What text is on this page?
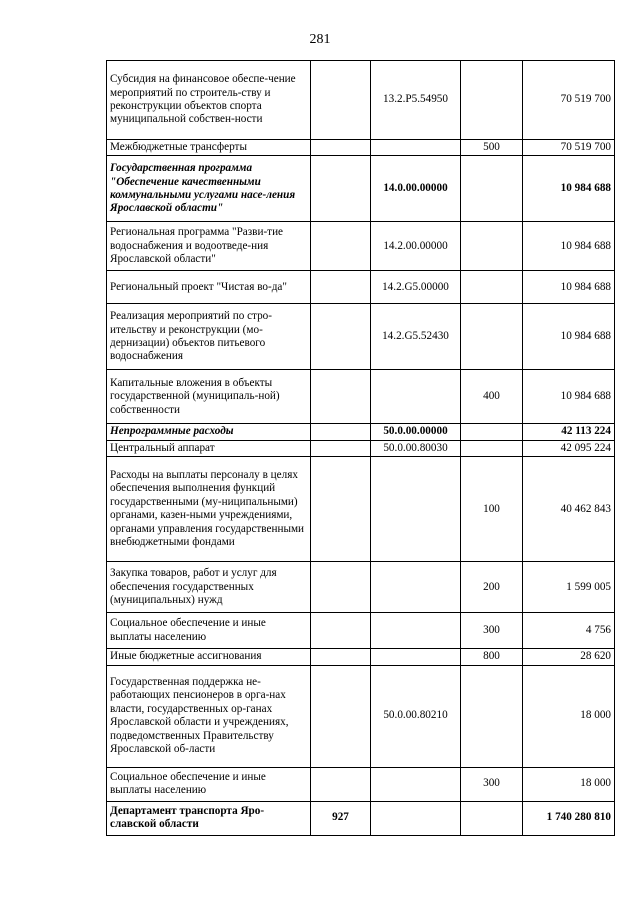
281
Субсидия на финансовое обеспе-чение мероприятий по строитель-ству и реконструкции объектов спорта муниципальной собствен-ности		13.2.P5.54950		70 519 700
Межбюджетные трансферты			500	70 519 700
Государственная программа "Обеспечение качественными коммунальными услугами насе-ления Ярославской области"		14.0.00.00000		10 984 688
Региональная программа "Разви-тие водоснабжения и водоотведе-ния Ярославской области"		14.2.00.00000		10 984 688
Региональный проект "Чистая во-да"		14.2.G5.00000		10 984 688
Реализация мероприятий по стро-ительству и реконструкции (мо-дернизации) объектов питьевого водоснабжения		14.2.G5.52430		10 984 688
Капитальные вложения в объекты государственной (муниципаль-ной) собственности			400	10 984 688
Непрограммные расходы		50.0.00.00000		42 113 224
Центральный аппарат		50.0.00.80030		42 095 224
Расходы на выплаты персоналу в целях обеспечения выполнения функций государственными (му-ниципальными) органами, казен-ными учреждениями, органами управления государственными внебюджетными фондами			100	40 462 843
Закупка товаров, работ и услуг для обеспечения государственных (муниципальных) нужд			200	1 599 005
Социальное обеспечение и иные выплаты населению			300	4 756
Иные бюджетные ассигнования			800	28 620
Государственная поддержка не-работающих пенсионеров в орга-нах власти, государственных ор-ганах Ярославской области и учреждениях, подведомственных Правительству Ярославской об-ласти		50.0.00.80210		18 000
Социальное обеспечение и иные выплаты населению			300	18 000
Департамент транспорта Яро-славской области	927			1 740 280 810
